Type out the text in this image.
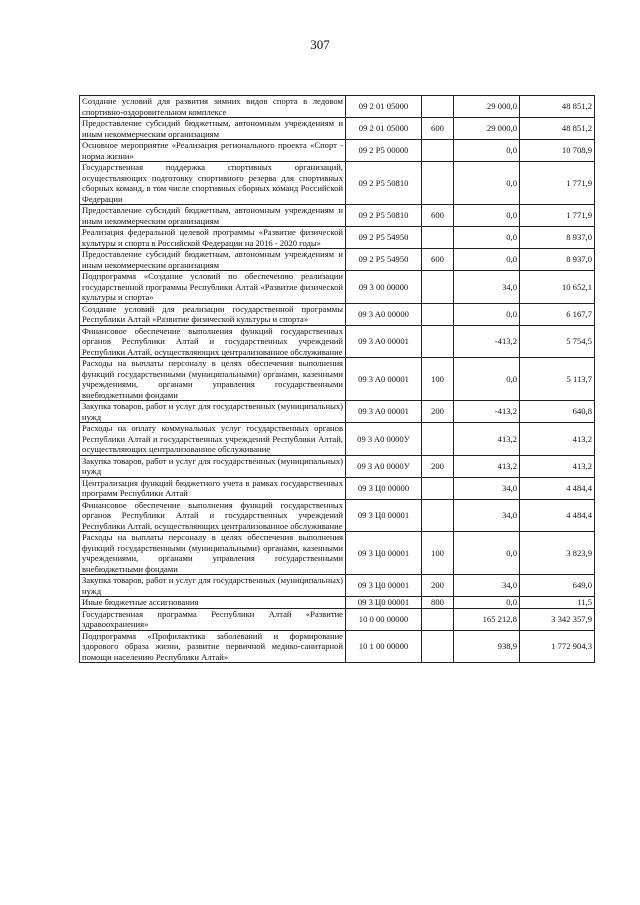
307
Создание условий для развития зимних видов спорта в ледовом спортивно-оздоровительном комплексе	09 2 01 05000		29 000,0	48 851,2
Предоставление субсидий бюджетным, автономным учреждениям и иным некоммерческим организациям	09 2 01 05000	600	29 000,0	48 851,2
Основное мероприятие «Реализация регионального проекта «Спорт - норма жизни»	09 2 P5 00000		0,0	10 708,9
Государственная поддержка спортивных организаций, осуществляющих подготовку спортивного резерва для спортивных сборных команд, в том числе спортивных сборных команд Российской Федерации	09 2 P5 50810		0,0	1 771,9
Предоставление субсидий бюджетным, автономным учреждениям и иным некоммерческим организациям	09 2 P5 50810	600	0,0	1 771,9
Реализация федеральной целевой программы «Развитие физической культуры и спорта в Российской Федерации на 2016 - 2020 годы»	09 2 P5 54950		0,0	8 937,0
Предоставление субсидий бюджетным, автономным учреждениям и иным некоммерческим организациям	09 2 P5 54950	600	0,0	8 937,0
Подпрограмма «Создание условий по обеспечению реализации государственной программы Республики Алтай «Развитие физической культуры и спорта»	09 3 00 00000		34,0	10 652,1
Создание условий для реализации государственной программы Республики Алтай «Развитие физической культуры и спорта»	09 3 A0 00000		0,0	6 167,7
Финансовое обеспечение выполнения функций государственных органов Республики Алтай и государственных учреждений Республики Алтай, осуществляющих централизованное обслуживание	09 3 A0 00001		-413,2	5 754,5
Расходы на выплаты персоналу в целях обеспечения выполнения функций государственными (муниципальными) органами, казенными учреждениями, органами управления государственными внебюджетными фондами	09 3 A0 00001	100	0,0	5 113,7
Закупка товаров, работ и услуг для государственных (муниципальных) нужд	09 3 A0 00001	200	-413,2	640,8
Расходы на оплату коммунальных услуг государственных органов Республики Алтай и государственных учреждений Республики Алтай, осуществляющих централизованное обслуживание	09 3 A0 0000У		413,2	413,2
Закупка товаров, работ и услуг для государственных (муниципальных) нужд	09 3 A0 0000У	200	413,2	413,2
Централизация функций бюджетного учета в рамках государственных программ Республики Алтай	09 3 Ц0 00000		34,0	4 484,4
Финансовое обеспечение выполнения функций государственных органов Республики Алтай и государственных учреждений Республики Алтай, осуществляющих централизованное обслуживание	09 3 Ц0 00001		34,0	4 484,4
Расходы на выплаты персоналу в целях обеспечения выполнения функций государственными (муниципальными) органами, казенными учреждениями, органами управления государственными внебюджетными фондами	09 3 Ц0 00001	100	0,0	3 823,9
Закупка товаров, работ и услуг для государственных (муниципальных) нужд	09 3 Ц0 00001	200	34,0	649,0
Иные бюджетные ассигнования	09 3 Ц0 00001	800	0,0	11,5
Государственная программа Республики Алтай «Развитие здравоохранения»	10 0 00 00000		165 212,8	3 342 357,9
Подпрограмма «Профилактика заболеваний и формирование здорового образа жизни, развитие первичной медико-санитарной помощи населению Республики Алтай»	10 1 00 00000		938,9	1 772 904,3
